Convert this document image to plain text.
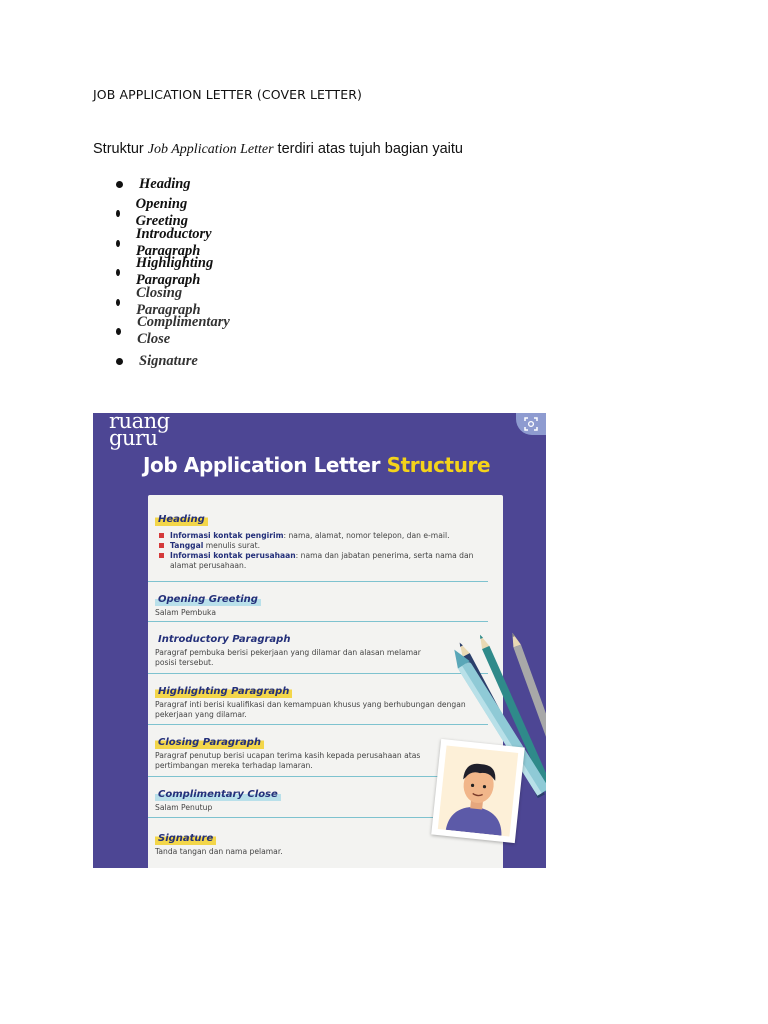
JOB APPLICATION LETTER (COVER LETTER)
Struktur Job Application Letter terdiri atas tujuh bagian yaitu
Heading
Opening Greeting
Introductory Paragraph
Highlighting Paragraph
Closing Paragraph
Complimentary Close
Signature
ruang
guru
Job Application Letter Structure
Heading
Informasi kontak pengirim: nama, alamat, nomor telepon, dan e-mail.
Tanggal menulis surat.
Informasi kontak perusahaan: nama dan jabatan penerima, serta nama dan alamat perusahaan.
Opening Greeting
Salam Pembuka
Introductory Paragraph
Paragraf pembuka berisi pekerjaan yang dilamar dan alasan melamar posisi tersebut.
Highlighting Paragraph
Paragraf inti berisi kualifikasi dan kemampuan khusus yang berhubungan dengan pekerjaan yang dilamar.
Closing Paragraph
Paragraf penutup berisi ucapan terima kasih kepada perusahaan atas pertimbangan mereka terhadap lamaran.
Complimentary Close
Salam Penutup
Signature
Tanda tangan dan nama pelamar.
